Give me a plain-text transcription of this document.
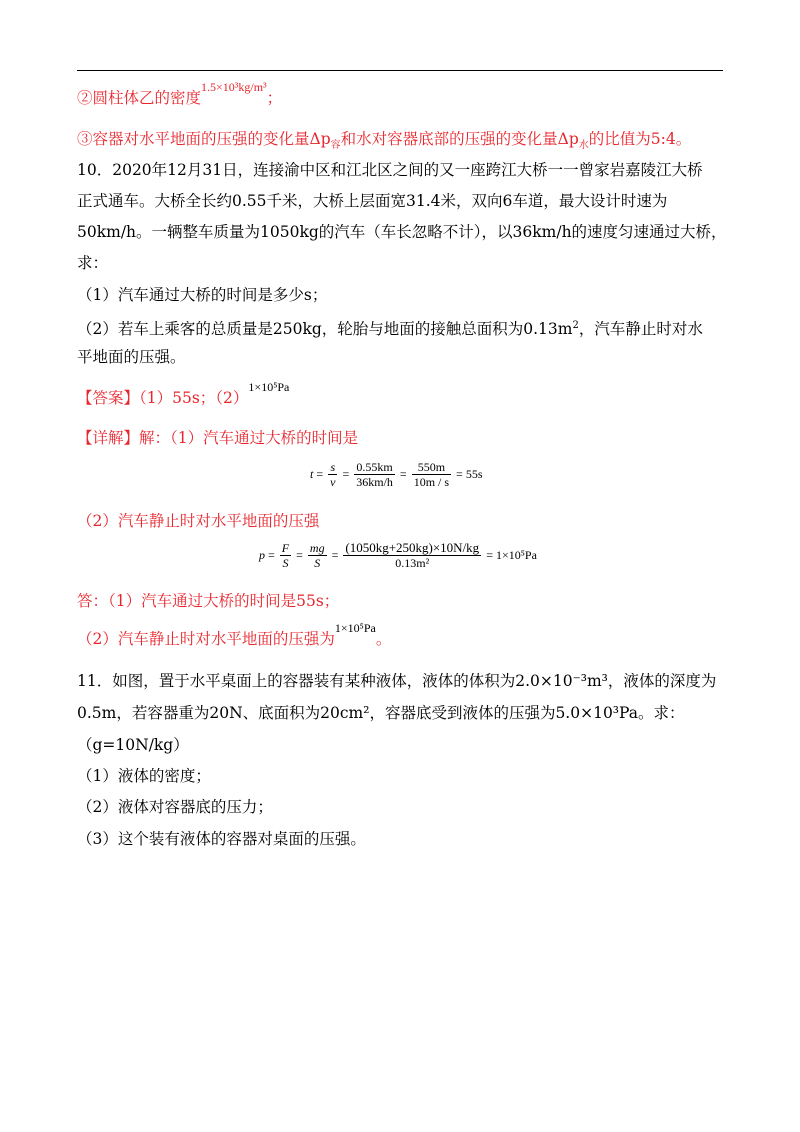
②圆柱体乙的密度$^{1.5\times 10^3kg/m^3}$；
③容器对水平地面的压强的变化量$\Delta p_容$和水对容器底部的压强的变化量$\Delta p_水$的比值为5:4。
10．2020年12月31日，连接渝中区和江北区之间的又一座跨江大桥一一曾家岩嘉陵江大桥
正式通车。大桥全长约0.55千米，大桥上层面宽31.4米，双向6车道，最大设计时速为
50km/h。一辆整车质量为1050kg的汽车（车长忽略不计），以36km/h的速度匀速通过大桥，
求：
（1）汽车通过大桥的时间是多少s；
（2）若车上乘客的总质量是250kg，轮胎与地面的接触总面积为$0.13m^2$，汽车静止时对水
平地面的压强。
【答案】（1）55s；$(2)^{1\times 10^5Pa}$
【详解】解：（1）汽车通过大桥的时间是
$t = \frac{s}{v} = \frac{0.55km}{36km/h} = \frac{550m}{10m / s} = 55s$
（2）汽车静止时对水平地面的压强
$p = \frac{F}{S} = \frac{mg}{S} = \frac{(1050kg+250kg)\times 10N/kg}{\text{0.13m²}} = 1\times 10^5Pa$
答：（1）汽车通过大桥的时间是55s；
（2）汽车静止时对水平地面的压强为$^{1\times 10^5Pa}$。
11．如图，置于水平桌面上的容器装有某种液体，液体的体积为2.0×10⁻³m³，液体的深度为
0.5m，若容器重为20N、底面积为20cm²，容器底受到液体的压强为5.0×10³Pa。求：
（g=10N/kg）
（1）液体的密度；
（2）液体对容器底的压力；
（3）这个装有液体的容器对桌面的压强。
